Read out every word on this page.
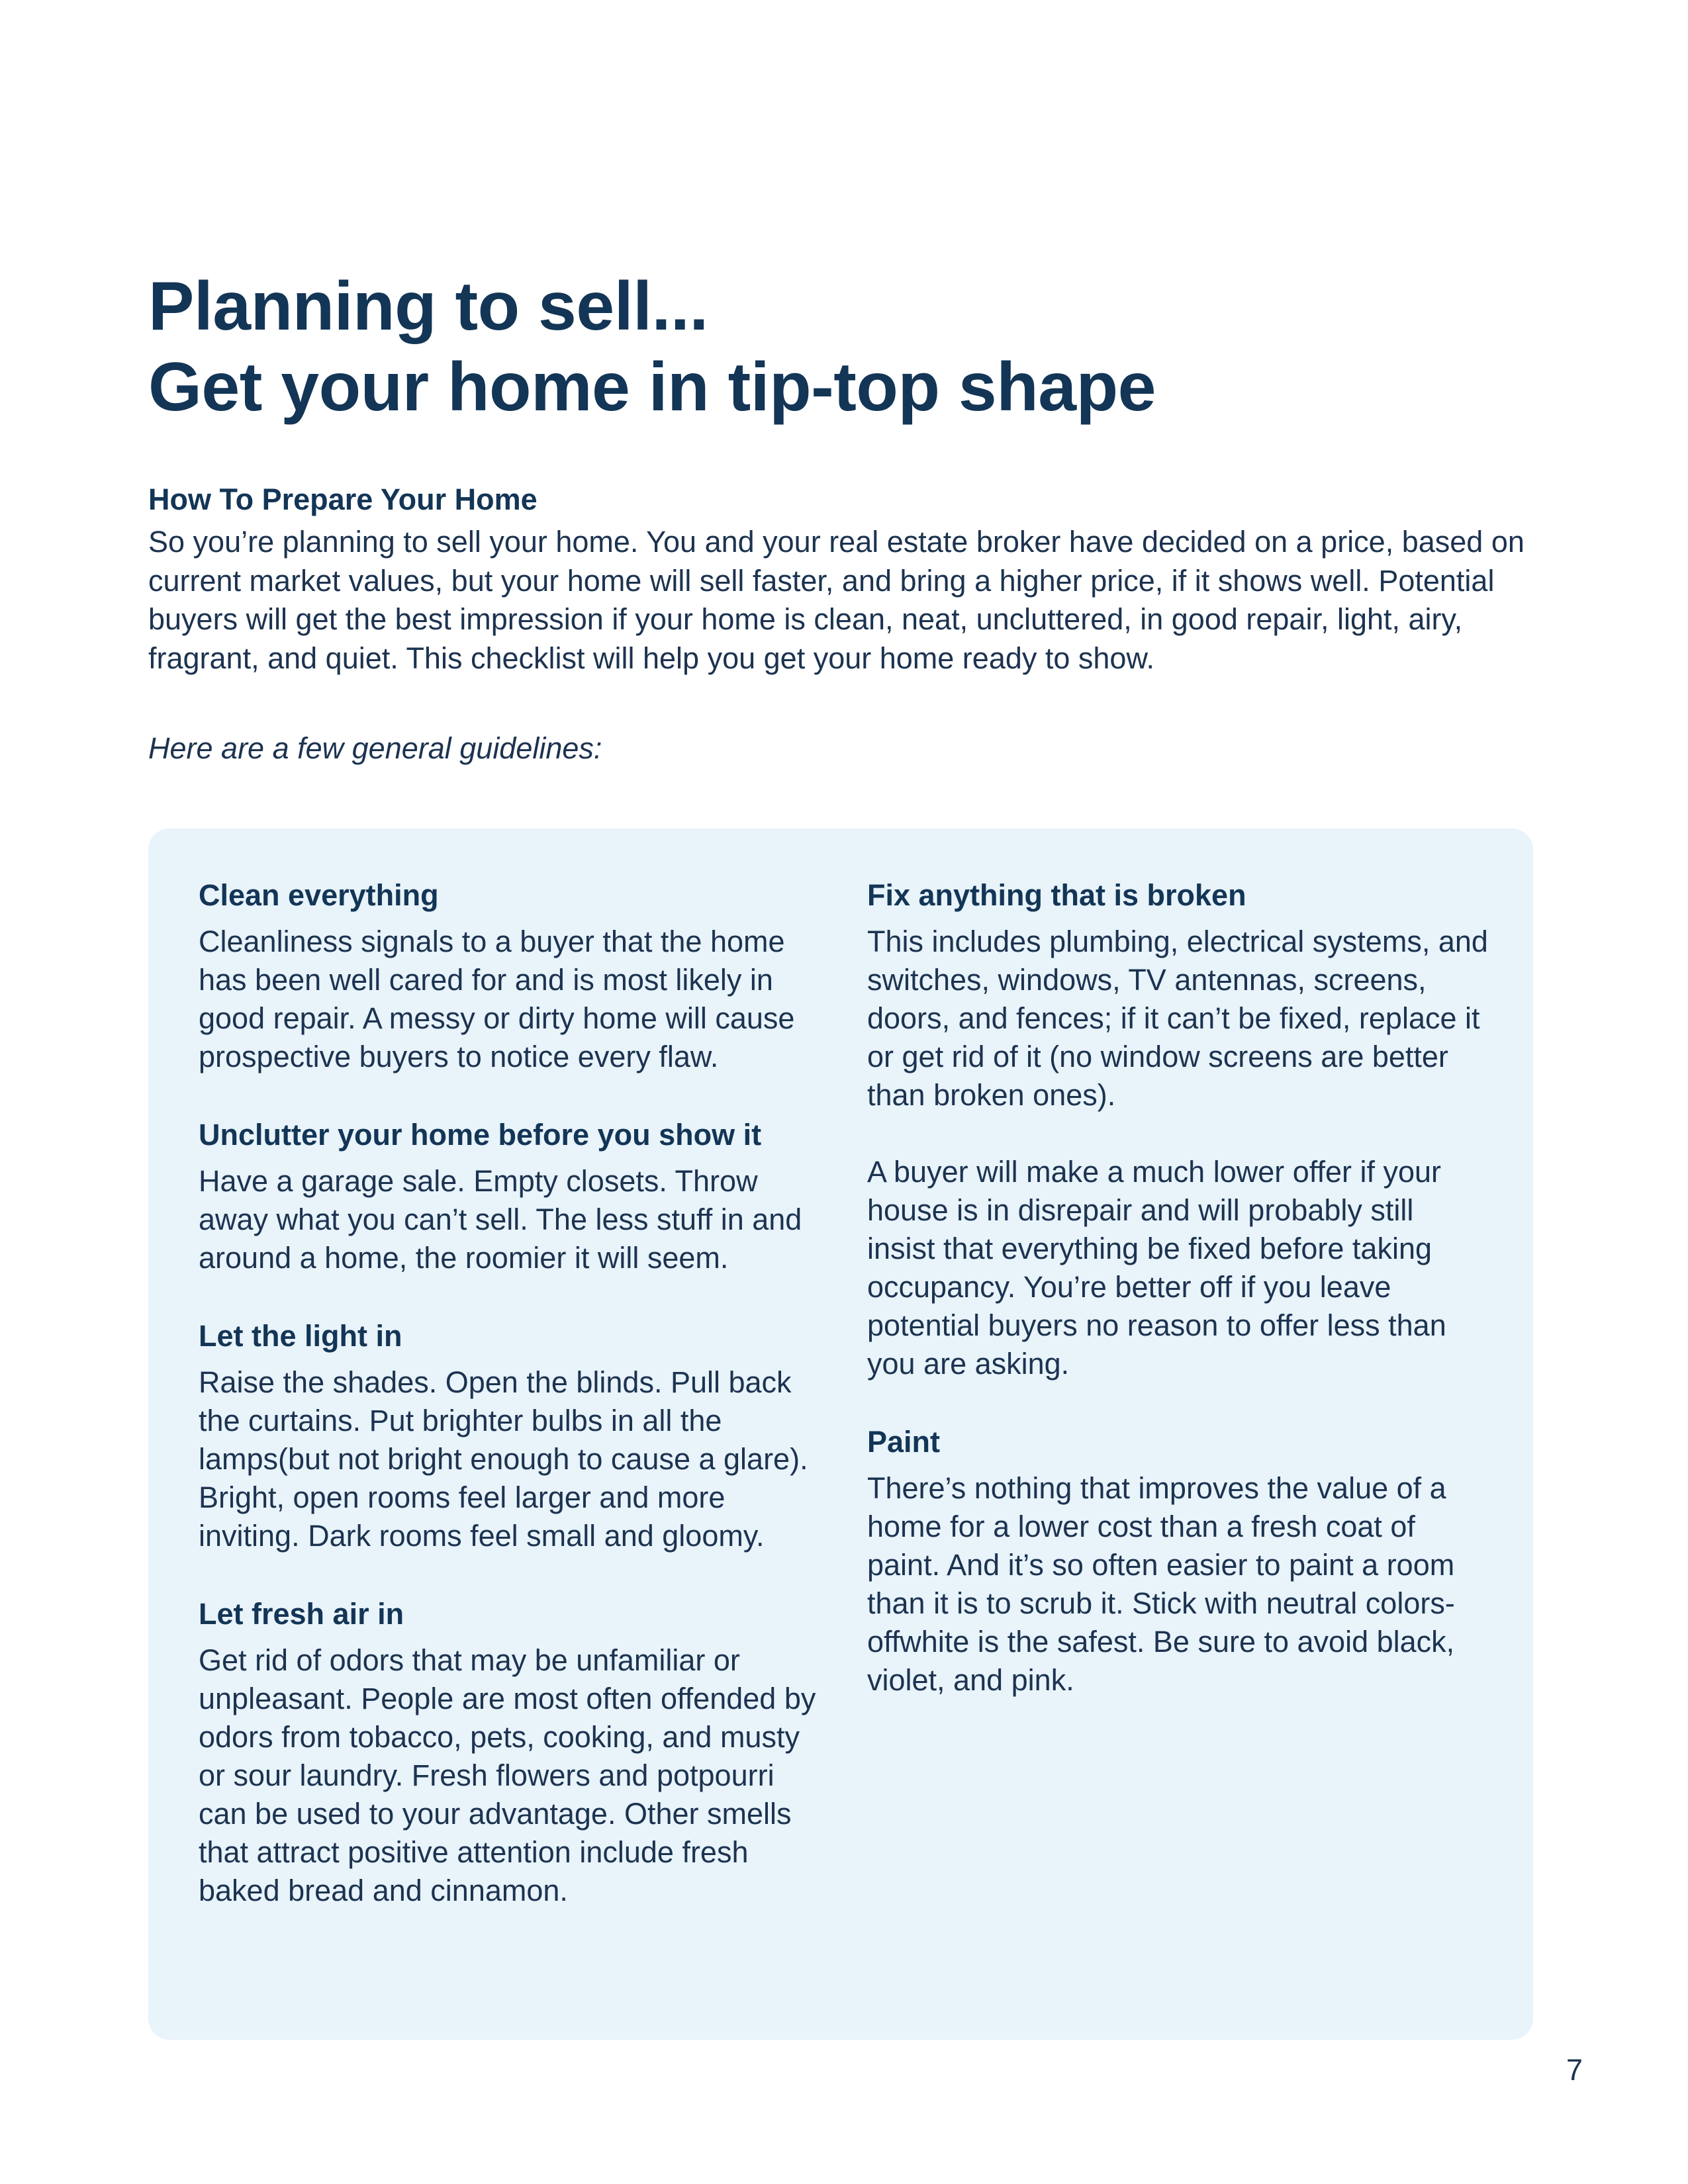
Planning to sell...
Get your home in tip-top shape
How To Prepare Your Home

So you’re planning to sell your home. You and your real estate broker have decided on a price, based on current market values, but your home will sell faster, and bring a higher price, if it shows well. Potential buyers will get the best impression if your home is clean, neat, uncluttered, in good repair, light, airy, fragrant, and quiet. This checklist will help you get your home ready to show.

Here are a few general guidelines:

Clean everything

Cleanliness signals to a buyer that the home has been well cared for and is most likely in good repair. A messy or dirty home will cause prospective buyers to notice every flaw.

Unclutter your home before you show it

Have a garage sale. Empty closets. Throw away what you can’t sell. The less stuff in and around a home, the roomier it will seem.

Let the light in

Raise the shades. Open the blinds. Pull back the curtains. Put brighter bulbs in all the lamps(but not bright enough to cause a glare). Bright, open rooms feel larger and more inviting. Dark rooms feel small and gloomy.

Let fresh air in

Get rid of odors that may be unfamiliar or unpleasant. People are most often offended by odors from tobacco, pets, cooking, and musty or sour laundry. Fresh flowers and potpourri can be used to your advantage. Other smells that attract positive attention include fresh baked bread and cinnamon.

Fix anything that is broken

This includes plumbing, electrical systems, and switches, windows, TV antennas, screens, doors, and fences; if it can’t be fixed, replace it or get rid of it (no window screens are better than broken ones).

A buyer will make a much lower offer if your house is in disrepair and will probably still insist that everything be fixed before taking occupancy. You’re better off if you leave potential buyers no reason to offer less than you are asking.

Paint

There’s nothing that improves the value of a home for a lower cost than a fresh coat of paint. And it’s so often easier to paint a room than it is to scrub it. Stick with neutral colors-offwhite is the safest. Be sure to avoid black, violet, and pink.

7
